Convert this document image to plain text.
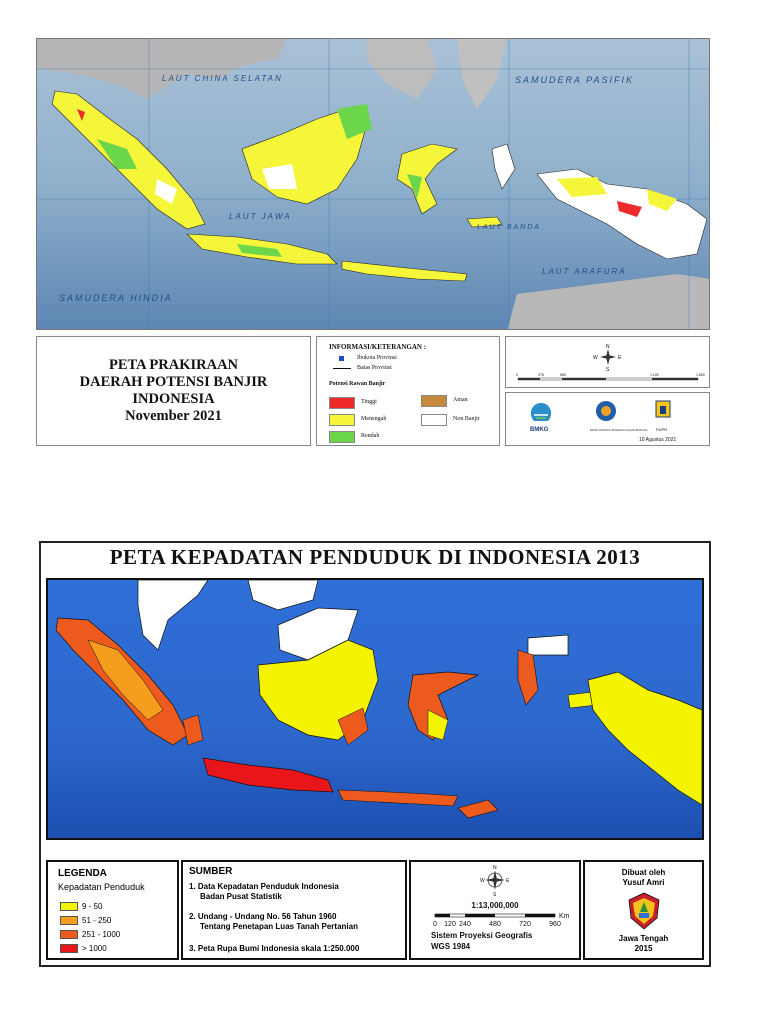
LAUT CHINA SELATAN	SAMUDERA PASIFIK
LAUT JAWA
LAUT BANDA
LAUT ARAFURA
SAMUDERA HINDIA
PETA PRAKIRAAN
DAERAH POTENSI BANJIR
INDONESIA
November 2021
INFORMASI/KETERANGAN :
Ibukota Provinsi
Batas Provinsi
Potensi Rawan Banjir
Tinggi
Menengah
Rendah
Aman
Non Banjir
N
S
E
W
0	275	550	1.100	1.650
BMKG	BADAN NASIONAL PENANGGULANGAN BENCANA PUPR
10 Agustus 2021
PETA KEPADATAN PENDUDUK DI INDONESIA 2013
LEGENDA
Kepadatan Penduduk
9 - 50
51 - 250
251 - 1000
> 1000
SUMBER
1. Data Kepadatan Penduduk Indonesia
Badan Pusat Statistik
2. Undang - Undang No. 56 Tahun 1960
Tentang Penetapan Luas Tanah Pertanian
3. Peta Rupa Bumi Indonesia skala 1:250.000
N
S
E
W
1:13,000,000
0 120 240	480	720	960
Km
Sistem Proyeksi Geografis
WGS 1984
Dibuat oleh
Yusuf Amri
Jawa Tengah
2015
